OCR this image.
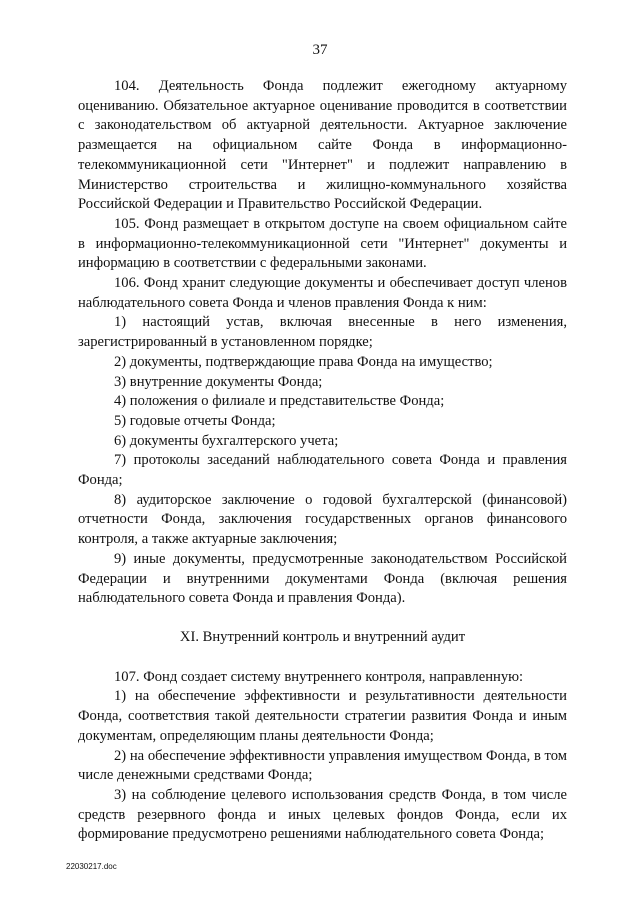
37

104. Деятельность Фонда подлежит ежегодному актуарному оцениванию. Обязательное актуарное оценивание проводится в соответствии с законодательством об актуарной деятельности. Актуарное заключение размещается на официальном сайте Фонда в информационно-телекоммуникационной сети "Интернет" и подлежит направлению в Министерство строительства и жилищно-коммунального хозяйства Российской Федерации и Правительство Российской Федерации.

105. Фонд размещает в открытом доступе на своем официальном сайте в информационно-телекоммуникационной сети "Интернет" документы и информацию в соответствии с федеральными законами.

106. Фонд хранит следующие документы и обеспечивает доступ членов наблюдательного совета Фонда и членов правления Фонда к ним:

1) настоящий устав, включая внесенные в него изменения, зарегистрированный в установленном порядке;

2) документы, подтверждающие права Фонда на имущество;

3) внутренние документы Фонда;

4) положения о филиале и представительстве Фонда;

5) годовые отчеты Фонда;

6) документы бухгалтерского учета;

7) протоколы заседаний наблюдательного совета Фонда и правления Фонда;

8) аудиторское заключение о годовой бухгалтерской (финансовой) отчетности Фонда, заключения государственных органов финансового контроля, а также актуарные заключения;

9) иные документы, предусмотренные законодательством Российской Федерации и внутренними документами Фонда (включая решения наблюдательного совета Фонда и правления Фонда).

XI. Внутренний контроль и внутренний аудит

107. Фонд создает систему внутреннего контроля, направленную:

1) на обеспечение эффективности и результативности деятельности Фонда, соответствия такой деятельности стратегии развития Фонда и иным документам, определяющим планы деятельности Фонда;

2) на обеспечение эффективности управления имуществом Фонда, в том числе денежными средствами Фонда;

3) на соблюдение целевого использования средств Фонда, в том числе средств резервного фонда и иных целевых фондов Фонда, если их формирование предусмотрено решениями наблюдательного совета Фонда;

22030217.doc
